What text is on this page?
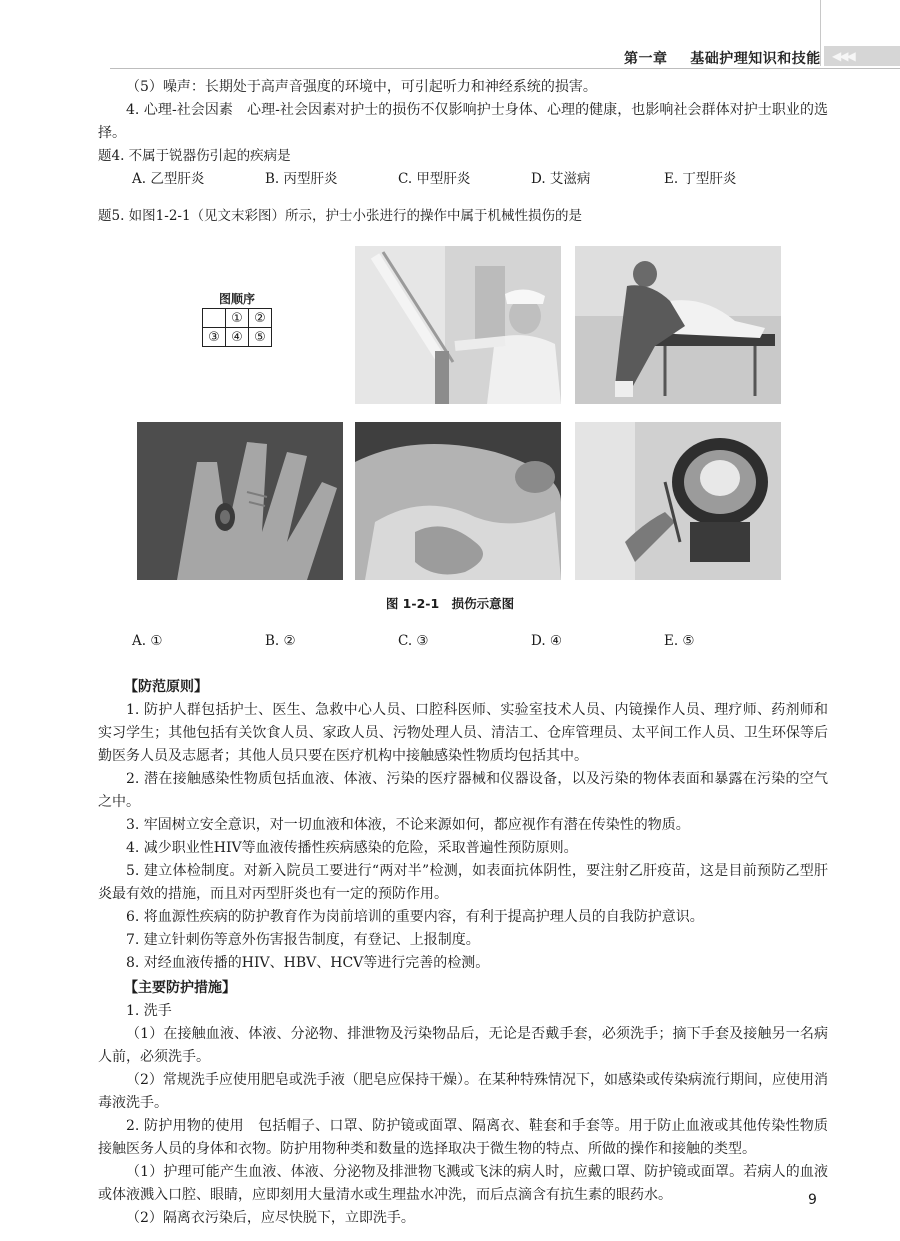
第一章 基础护理知识和技能 ◀◀◀

（5）噪声：长期处于高声音强度的环境中，可引起听力和神经系统的损害。

4. 心理-社会因素　心理-社会因素对护士的损伤不仅影响护士身体、心理的健康，也影响社会群体对护士职业的选择。

题4. 不属于锐器伤引起的疾病是

A. 乙型肝炎	B. 丙型肝炎	C. 甲型肝炎	D. 艾滋病	E. 丁型肝炎

题5. 如图1-2-1（见文末彩图）所示，护士小张进行的操作中属于机械性损伤的是

图顺序
	①	②
③	④	⑤
图 1-2-1　损伤示意图
A. ①	B. ②	C. ③	D. ④	E. ⑤
【防范原则】

1. 防护人群包括护士、医生、急救中心人员、口腔科医师、实验室技术人员、内镜操作人员、理疗师、药剂师和实习学生；其他包括有关饮食人员、家政人员、污物处理人员、清洁工、仓库管理员、太平间工作人员、卫生环保等后勤医务人员及志愿者；其他人员只要在医疗机构中接触感染性物质均包括其中。

2. 潜在接触感染性物质包括血液、体液、污染的医疗器械和仪器设备，以及污染的物体表面和暴露在污染的空气之中。

3. 牢固树立安全意识，对一切血液和体液，不论来源如何，都应视作有潜在传染性的物质。

4. 减少职业性HIV等血液传播性疾病感染的危险，采取普遍性预防原则。

5. 建立体检制度。对新入院员工要进行“两对半”检测，如表面抗体阴性，要注射乙肝疫苗，这是目前预防乙型肝炎最有效的措施，而且对丙型肝炎也有一定的预防作用。

6. 将血源性疾病的防护教育作为岗前培训的重要内容，有利于提高护理人员的自我防护意识。

7. 建立针刺伤等意外伤害报告制度，有登记、上报制度。

8. 对经血液传播的HIV、HBV、HCV等进行完善的检测。

【主要防护措施】

1. 洗手

（1）在接触血液、体液、分泌物、排泄物及污染物品后，无论是否戴手套，必须洗手；摘下手套及接触另一名病人前，必须洗手。

（2）常规洗手应使用肥皂或洗手液（肥皂应保持干燥）。在某种特殊情况下，如感染或传染病流行期间，应使用消毒液洗手。

2. 防护用物的使用　包括帽子、口罩、防护镜或面罩、隔离衣、鞋套和手套等。用于防止血液或其他传染性物质接触医务人员的身体和衣物。防护用物种类和数量的选择取决于微生物的特点、所做的操作和接触的类型。

（1）护理可能产生血液、体液、分泌物及排泄物飞溅或飞沫的病人时，应戴口罩、防护镜或面罩。若病人的血液或体液溅入口腔、眼睛，应即刻用大量清水或生理盐水冲洗，而后点滴含有抗生素的眼药水。

（2）隔离衣污染后，应尽快脱下，立即洗手。

9
